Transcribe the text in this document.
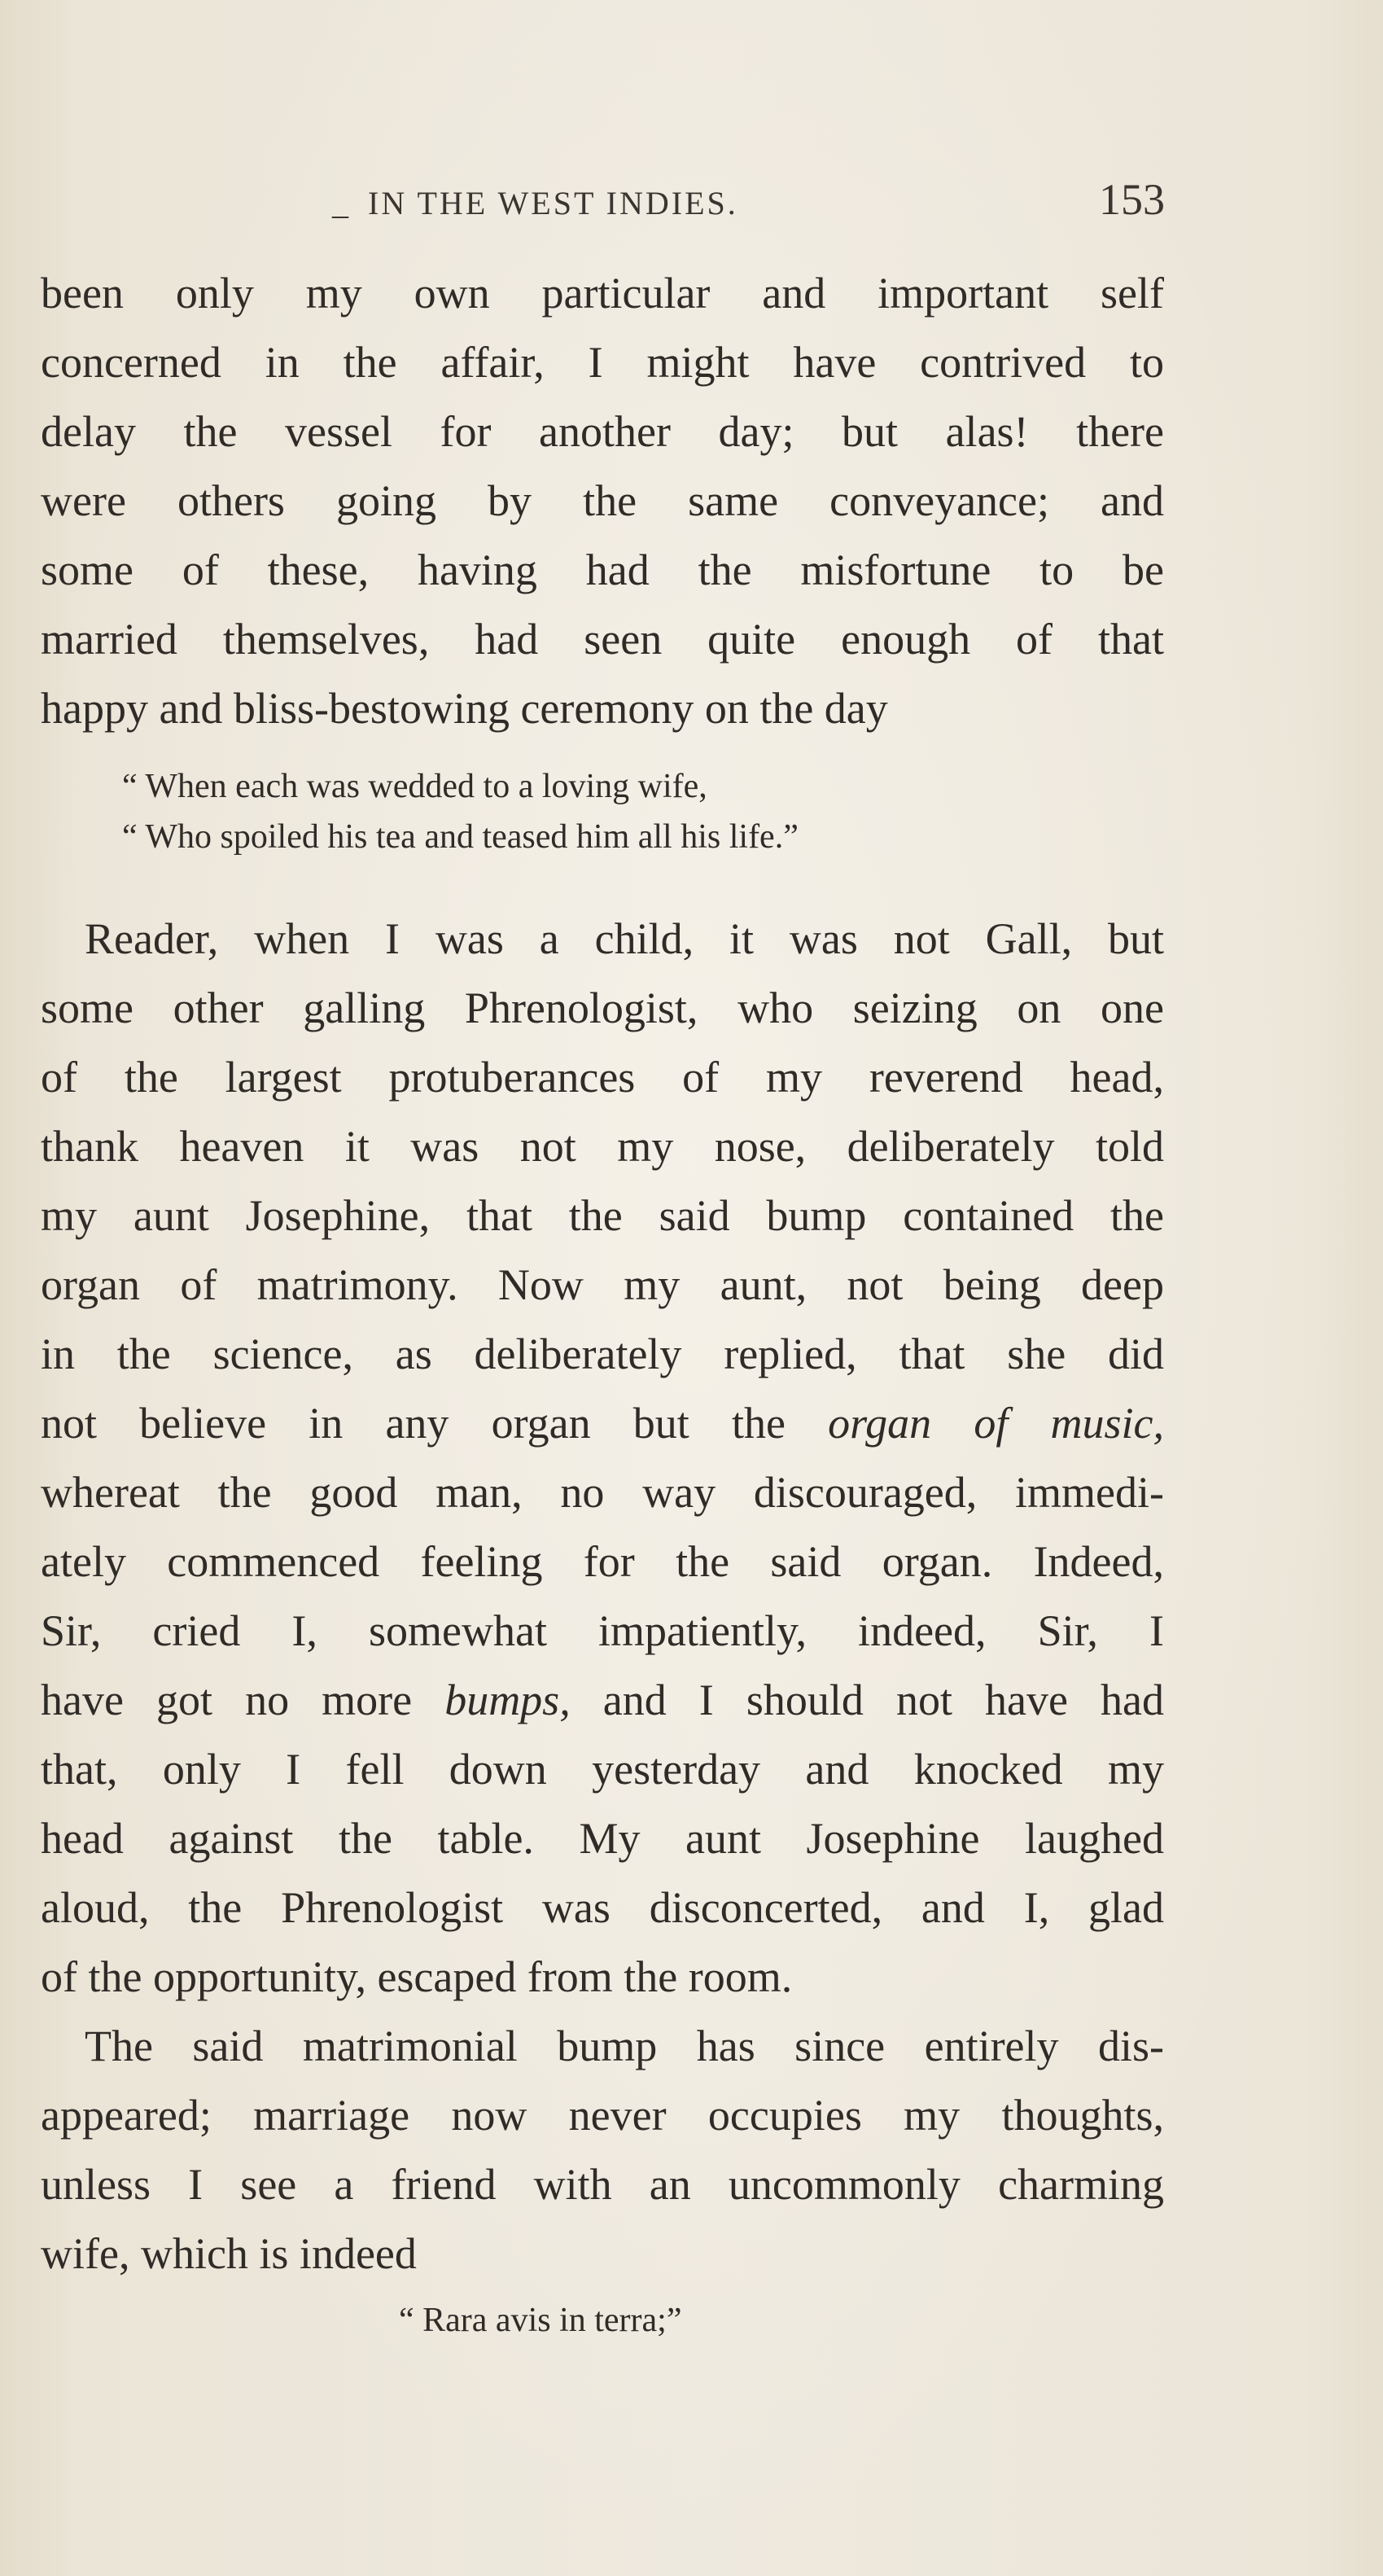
_ IN THE WEST INDIES.	153
been only my own particular and important self
concerned in the affair, I might have contrived to
delay the vessel for another day; but alas! there
were others going by the same conveyance; and
some of these, having had the misfortune to be
married themselves, had seen quite enough of that
happy and bliss-bestowing ceremony on the day
“ When each was wedded to a loving wife,
“ Who spoiled his tea and teased him all his life.”
Reader, when I was a child, it was not Gall, but
some other galling Phrenologist, who seizing on one
of the largest protuberances of my reverend head,
thank heaven it was not my nose, deliberately told
my aunt Josephine, that the said bump contained the
organ of matrimony. Now my aunt, not being deep
in the science, as deliberately replied, that she did
not believe in any organ but the organ of music,
whereat the good man, no way discouraged, immedi-
ately commenced feeling for the said organ. Indeed,
Sir, cried I, somewhat impatiently, indeed, Sir, I
have got no more bumps, and I should not have had
that, only I fell down yesterday and knocked my
head against the table. My aunt Josephine laughed
aloud, the Phrenologist was disconcerted, and I, glad
of the opportunity, escaped from the room.
The said matrimonial bump has since entirely dis-
appeared; marriage now never occupies my thoughts,
unless I see a friend with an uncommonly charming
wife, which is indeed
“ Rara avis in terra;”
